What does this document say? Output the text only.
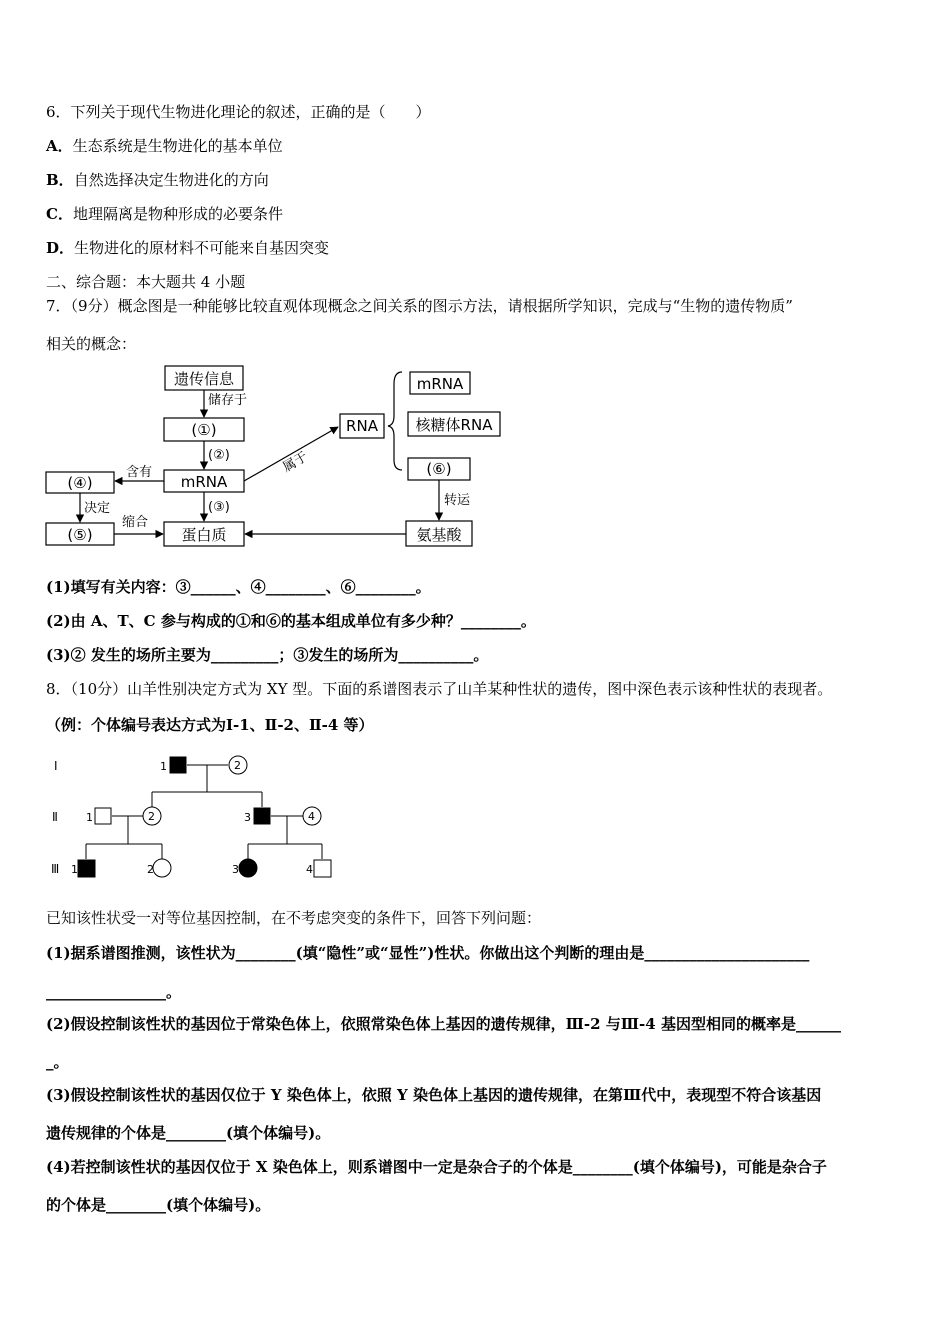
6．下列关于现代生物进化理论的叙述，正确的是（　　）
A．生态系统是生物进化的基本单位
B．自然选择决定生物进化的方向
C．地理隔离是物种形成的必要条件
D．生物进化的原材料不可能来自基因突变
二、综合题：本大题共 4 小题
7．（9分）概念图是一种能够比较直观体现概念之间关系的图示方法，请根据所学知识，完成与“生物的遗传物质”
相关的概念：
遗传信息
(①)
mRNA
蛋白质
(④)
(⑤)
RNA
mRNA
核糖体RNA
(⑥)
氨基酸
储存于
(②)
(③)
含有
决定
缩合
属于
转运
(1)填写有关内容：③______、④________、⑥________。
(2)由 A、T、C 参与构成的①和⑥的基本组成单位有多少种？________。
(3)② 发生的场所主要为_________；③发生的场所为__________。
8．（10分）山羊性别决定方式为 XY 型。下面的系谱图表示了山羊某种性状的遗传，图中深色表示该种性状的表现者。
（例：个体编号表达方式为Ⅰ-1、Ⅱ-2、Ⅱ-4 等）
Ⅰ
Ⅱ
Ⅲ
1	2
1	2	3	4
1	2	3	4
已知该性状受一对等位基因控制，在不考虑突变的条件下，回答下列问题：
(1)据系谱图推测，该性状为________(填“隐性”或“显性”)性状。你做出这个判断的理由是______________________
________________。
(2)假设控制该性状的基因位于常染色体上，依照常染色体上基因的遗传规律，Ⅲ-2 与Ⅲ-4 基因型相同的概率是______
_。
(3)假设控制该性状的基因仅位于 Y 染色体上，依照 Y 染色体上基因的遗传规律，在第Ⅲ代中，表现型不符合该基因
遗传规律的个体是________(填个体编号)。
(4)若控制该性状的基因仅位于 X 染色体上，则系谱图中一定是杂合子的个体是________(填个体编号)，可能是杂合子
的个体是________(填个体编号)。
